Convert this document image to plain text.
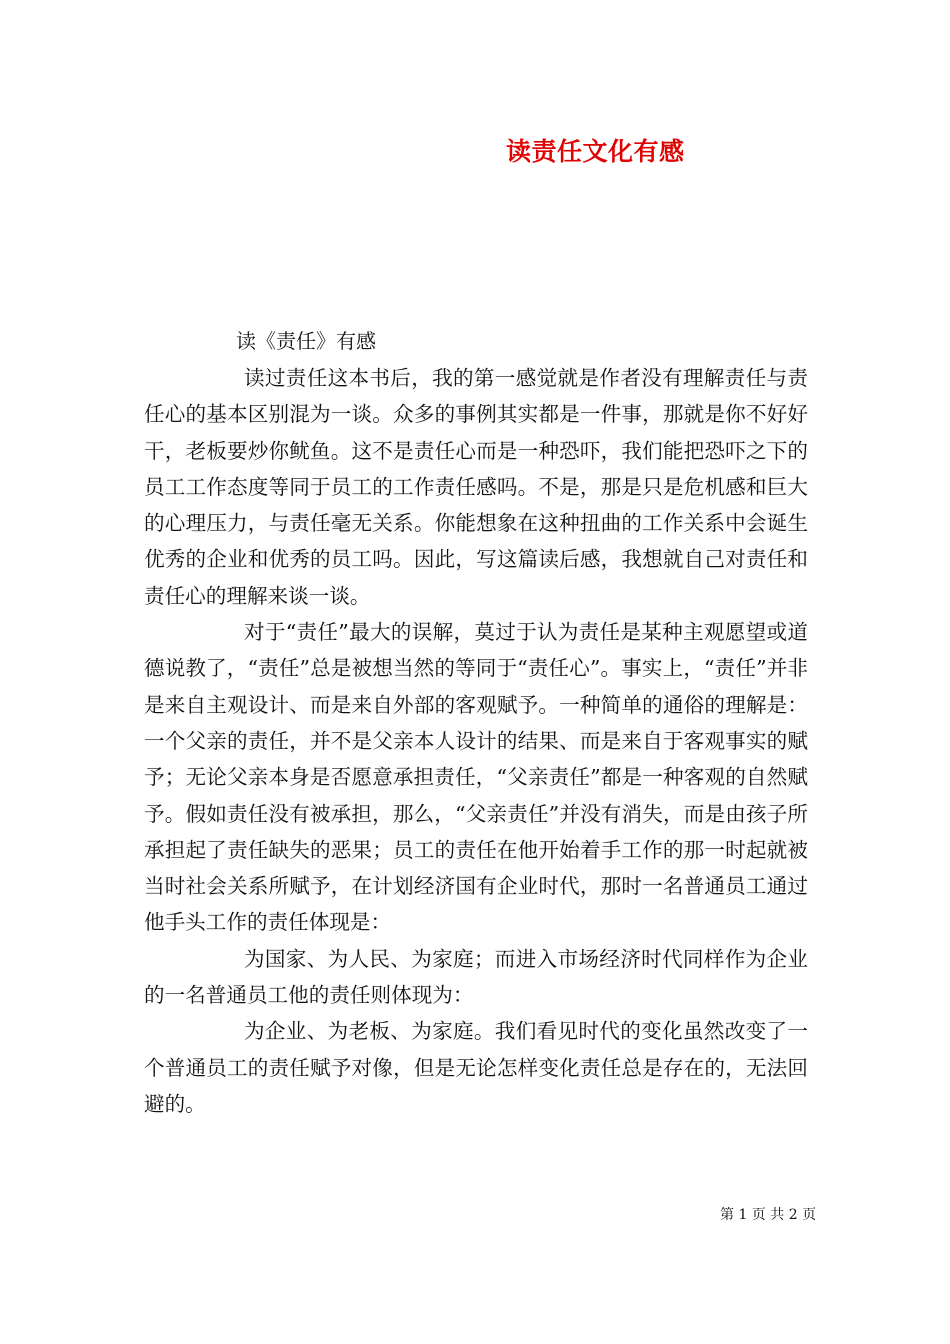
读责任文化有感

读《责任》有感

读过责任这本书后，我的第一感觉就是作者没有理解责任与责任心的基本区别混为一谈。众多的事例其实都是一件事，那就是你不好好干，老板要炒你鱿鱼。这不是责任心而是一种恐吓，我们能把恐吓之下的员工工作态度等同于员工的工作责任感吗。不是，那是只是危机感和巨大的心理压力，与责任毫无关系。你能想象在这种扭曲的工作关系中会诞生优秀的企业和优秀的员工吗。因此，写这篇读后感，我想就自己对责任和责任心的理解来谈一谈。

对于“责任”最大的误解，莫过于认为责任是某种主观愿望或道德说教了，“责任”总是被想当然的等同于“责任心”。事实上，“责任”并非是来自主观设计、而是来自外部的客观赋予。一种简单的通俗的理解是：一个父亲的责任，并不是父亲本人设计的结果、而是来自于客观事实的赋予；无论父亲本身是否愿意承担责任，“父亲责任”都是一种客观的自然赋予。假如责任没有被承担，那么，“父亲责任”并没有消失，而是由孩子所承担起了责任缺失的恶果；员工的责任在他开始着手工作的那一时起就被当时社会关系所赋予，在计划经济国有企业时代，那时一名普通员工通过他手头工作的责任体现是：

为国家、为人民、为家庭；而进入市场经济时代同样作为企业的一名普通员工他的责任则体现为：

为企业、为老板、为家庭。我们看见时代的变化虽然改变了一个普通员工的责任赋予对像，但是无论怎样变化责任总是存在的，无法回避的。

第 1 页 共 2 页
